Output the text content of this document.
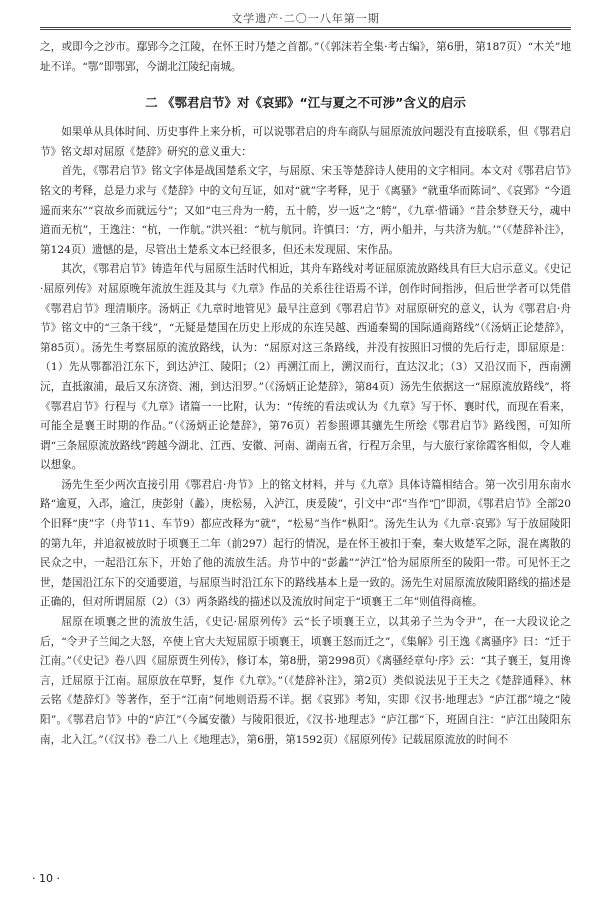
文学遗产·二〇一八年第一期

之，或即今之沙市。鄢郢今之江陵，在怀王时乃楚之首都。”（《郭沫若全集·考古编》，第6册，第187页）“木关”地址不详。“鄂”即鄂郢，今湖北江陵纪南城。

二 《鄂君启节》对《哀郢》“江与夏之不可涉”含义的启示

如果单从具体时间、历史事件上来分析，可以说鄂君启的舟车商队与屈原流放问题没有直接联系，但《鄂君启节》铭文却对屈原《楚辞》研究的意义重大：

首先，《鄂君启节》铭文字体是战国楚系文字，与屈原、宋玉等楚辞诗人使用的文字相同。本文对《鄂君启节》铭文的考释，总是力求与《楚辞》中的文句互证，如对“就”字考释，见于《离骚》“就重华而陈词”、《哀郢》“今逍遥而来东”“哀故乡而就远兮”；又如“屯三舟为一舿，五十舿，岁一返”之“舿”，《九章·惜诵》“昔余梦登天兮，魂中道而无杭”，王逸注：“杭，一作航。”洪兴祖：“杭与航同。许慎曰：‘方，两小船并，与共济为航。’”（《楚辞补注》，第124页）遗憾的是，尽管出土楚系文本已经很多，但还未发现屈、宋作品。

其次，《鄂君启节》铸造年代与屈原生活时代相近，其舟车路线对考证屈原流放路线具有巨大启示意义。《史记·屈原列传》对屈原晚年流放生涯及其与《九章》作品的关系往往语焉不详，创作时间指涉，但后世学者可以凭借《鄂君启节》理清顺序。汤炳正《九章时地管见》最早注意到《鄂君启节》对屈原研究的意义，认为《鄂君启·舟节》铭文中的“三条干线”，“无疑是楚国在历史上形成的东连吴越、西通秦蜀的国际通商路线”（《汤炳正论楚辞》，第85页）。汤先生考察屈原的流放路线，认为：“屈原对这三条路线，并没有按照旧习惯的先后行走，即屈原是：（1）先从鄂都沿江东下，到达泸江、陵阳；（2）再溯江而上，溯汉而行，直达汉北；（3）又沿汉而下，西南溯沅，直抵溆浦，最后又东济资、湘，到达汨罗。”（《汤炳正论楚辞》，第84页）汤先生依据这一“屈原流放路线”，将《鄂君启节》行程与《九章》诸篇一一比附，认为：“传统的看法或认为《九章》写于怀、襄时代，而现在看来，可能全是襄王时期的作品。”（《汤炳正论楚辞》，第76页）若参照谭其骧先生所绘《鄂君启节》路线图，可知所谓“三条屈原流放路线”跨越今湖北、江西、安徽、河南、湖南五省，行程万余里，与大旅行家徐霞客相似，令人难以想象。

汤先生至少两次直接引用《鄂君启·舟节》上的铭文材料，并与《九章》具体诗篇相结合。第一次引用东南水路“逾夏，入邔，逾江，庚彭射（蠡），庚松易，入泸江，庚爰陵”，引文中“邔”当作“𨛹”即涢，《鄂君启节》全部20个旧释“庚”字（舟节11、车节9）都应改释为“就”，“松易”当作“枞阳”。汤先生认为《九章·哀郢》写于放屈陵阳的第九年，并追叙被放时于顷襄王二年（前297）起行的情况，是在怀王被扣于秦，秦大败楚军之际，混在离散的民众之中，一起沿江东下，开始了他的流放生活。舟节中的“彭蠡”“泸江”恰为屈原所至的陵阳一带。可见怀王之世，楚国沿江东下的交通要道，与屈原当时沿江东下的路线基本上是一致的。汤先生对屈原流放陵阳路线的描述是正确的，但对所谓屈原（2）（3）两条路线的描述以及流放时间定于“顷襄王二年”则值得商榷。

屈原在顷襄之世的流放生活，《史记·屈原列传》云“长子顷襄王立，以其弟子兰为令尹”，在一大段议论之后，“令尹子兰闻之大怒，卒使上官大夫短屈原于顷襄王，顷襄王怒而迁之”，《集解》引王逸《离骚序》曰：“迁于江南。”（《史记》卷八四《屈原贾生列传》，修订本，第8册，第2998页）《离骚经章句·序》云：“其子襄王，复用谗言，迁屈原于江南。屈原放在草野，复作《九章》。”（《楚辞补注》，第2页）类似说法见于王夫之《楚辞通释》、林云铭《楚辞灯》等著作，至于“江南”何地则语焉不详。据《哀郢》考知，实即《汉书·地理志》“庐江郡”境之“陵阳”。《鄂君启节》中的“庐江”（今属安徽）与陵阳很近，《汉书·地理志》“庐江郡”下，班固自注：“庐江出陵阳东南，北入江。”（《汉书》卷二八上《地理志》，第6册，第1592页）《屈原列传》记载屈原流放的时间不

· 10 ·
